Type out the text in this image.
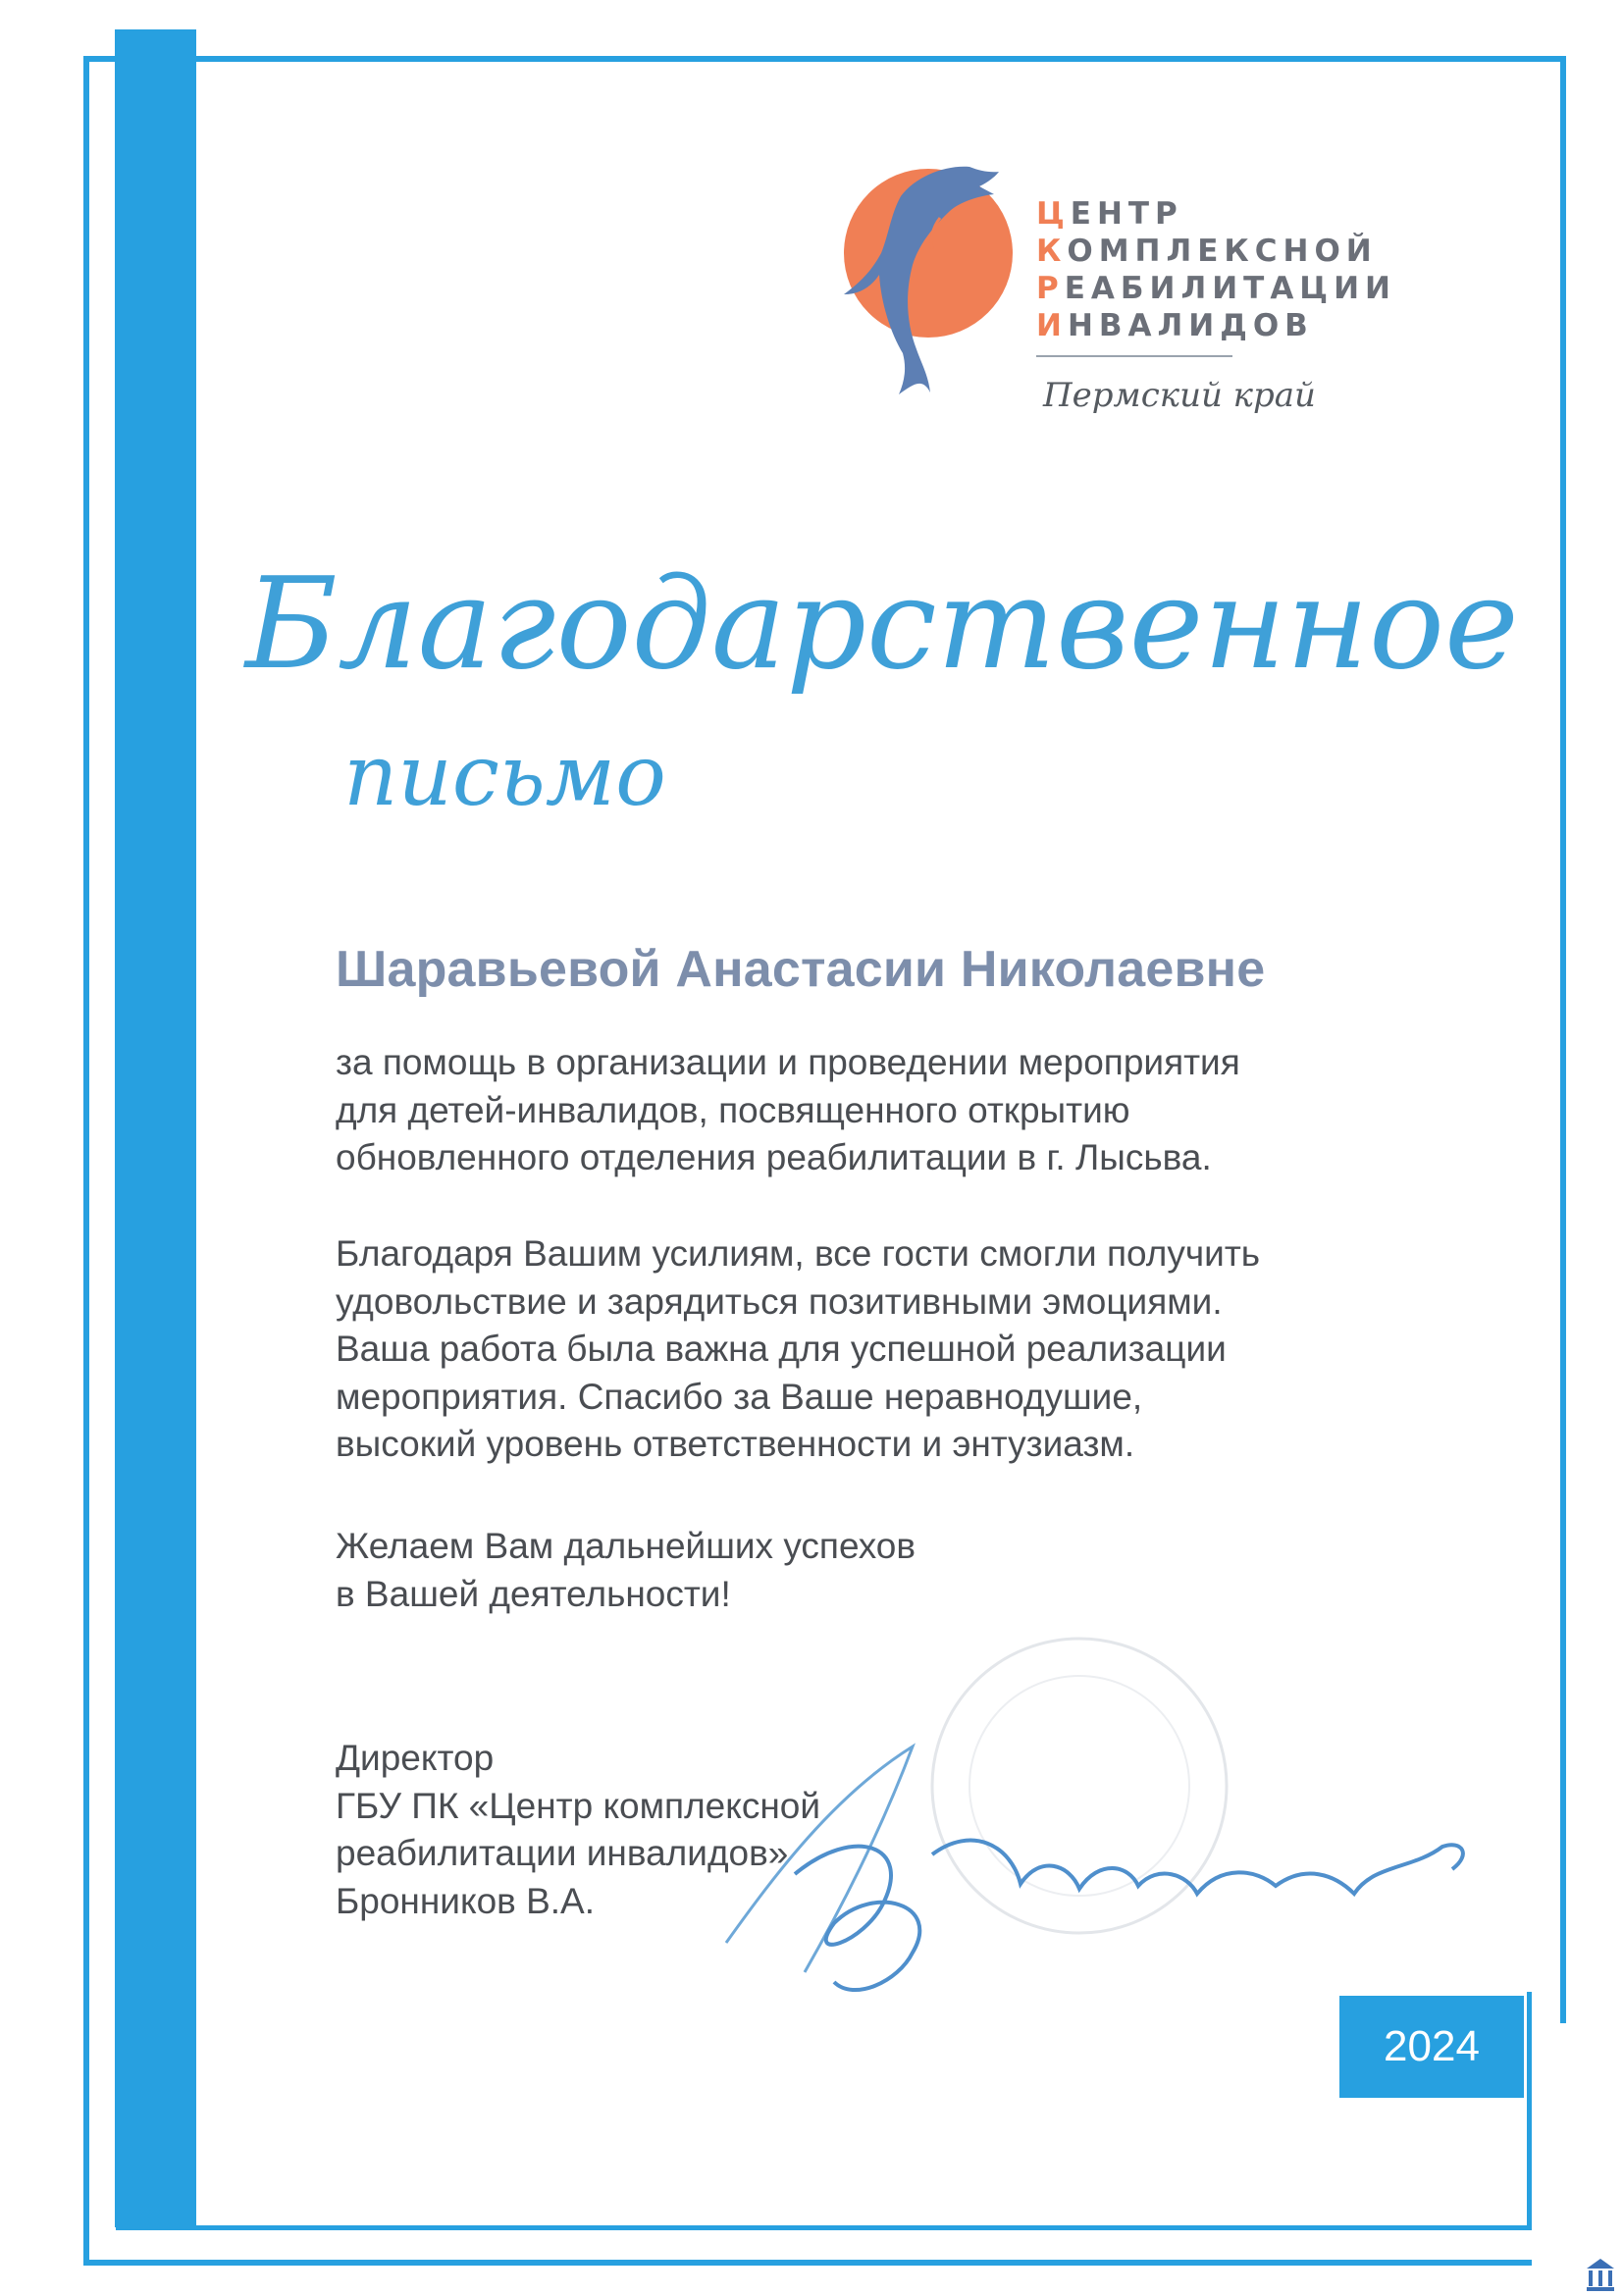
ЦЕНТР
КОМПЛЕКСНОЙ
РЕАБИЛИТАЦИИ
ИНВАЛИДОВ
Пермский край
Благодарственное
письмо
Шаравьевой Анастасии Николаевне
за помощь в организации и проведении мероприятия
для детей-инвалидов, посвященного открытию
обновленного отделения реабилитации в г. Лысьва.
Благодаря Вашим усилиям, все гости смогли получить
удовольствие и зарядиться позитивными эмоциями.
Ваша работа была важна для успешной реализации
мероприятия. Спасибо за Ваше неравнодушие,
высокий уровень ответственности и энтузиазм.
Желаем Вам дальнейших успехов
в Вашей деятельности!
Директор
ГБУ ПК «Центр комплексной
реабилитации инвалидов»
Бронников В.А.
2024
